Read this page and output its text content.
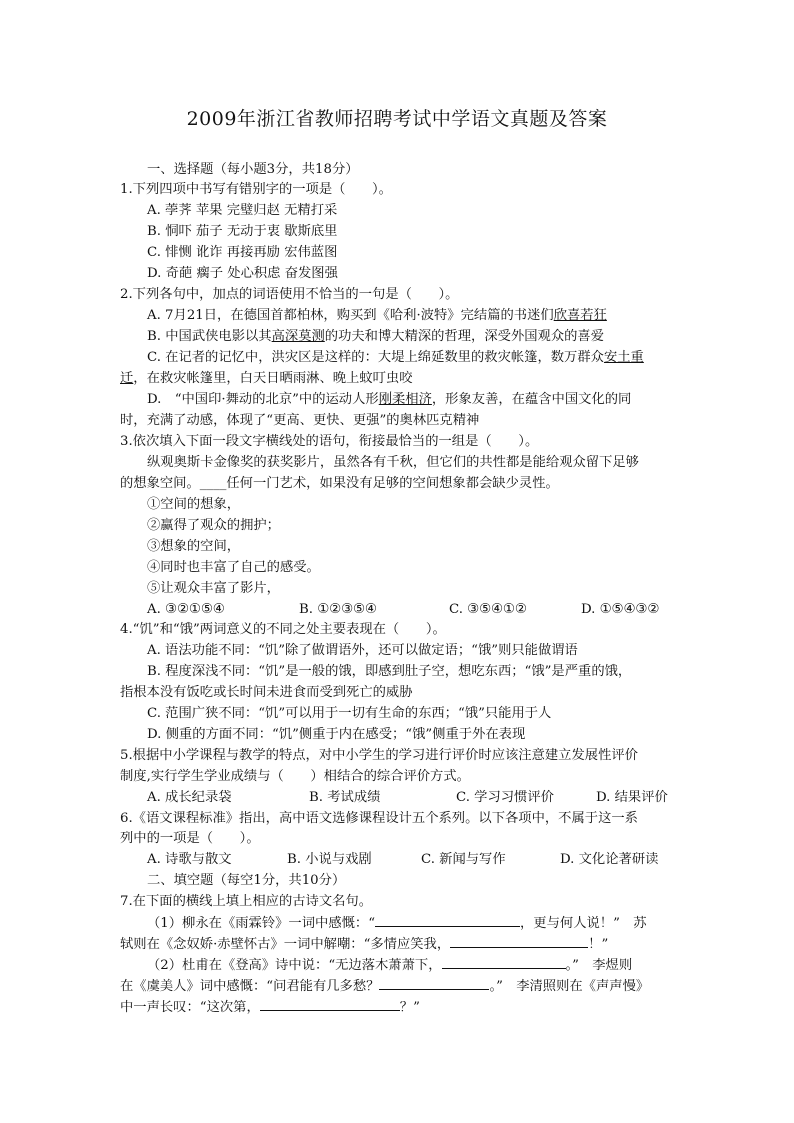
2009年浙江省教师招聘考试中学语文真题及答案
一、选择题（每小题3分，共18分）
1.下列四项中书写有错别字的一项是（　　）。
A. 荸荠 苹果 完璧归赵 无精打采
B. 恫吓 茄子 无动于衷 歇斯底里
C. 悱恻 讹诈 再接再励 宏伟蓝图
D. 奇葩 瘸子 处心积虑 奋发图强
2.下列各句中，加点的词语使用不恰当的一句是（　　）。
A. 7月21日，在德国首都柏林，购买到《哈利·波特》完结篇的书迷们欣喜若狂
B. 中国武侠电影以其高深莫测的功夫和博大精深的哲理，深受外国观众的喜爱
C. 在记者的记忆中，洪灾区是这样的：大堤上绵延数里的救灾帐篷，数万群众安土重
迁，在救灾帐篷里，白天日晒雨淋、晚上蚊叮虫咬
D.　“中国印·舞动的北京”中的运动人形刚柔相济，形象友善，在蕴含中国文化的同
时，充满了动感，体现了“更高、更快、更强”的奥林匹克精神
3.依次填入下面一段文字横线处的语句，衔接最恰当的一组是（　　）。
纵观奥斯卡金像奖的获奖影片，虽然各有千秋，但它们的共性都是能给观众留下足够
的想象空间。____任何一门艺术，如果没有足够的空间想象都会缺少灵性。
①空间的想象，
②赢得了观众的拥护；
③想象的空间，
④同时也丰富了自己的感受。
⑤让观众丰富了影片，
A. ③②①⑤④	B. ①②③⑤④	C. ③⑤④①②	D. ①⑤④③②
4.“饥”和“饿”两词意义的不同之处主要表现在（　　）。
A. 语法功能不同：“饥”除了做谓语外，还可以做定语；“饿”则只能做谓语
B. 程度深浅不同：“饥”是一般的饿，即感到肚子空，想吃东西；“饿”是严重的饿，
指根本没有饭吃或长时间未进食而受到死亡的威胁
C. 范围广狭不同：“饥”可以用于一切有生命的东西；“饿”只能用于人
D. 侧重的方面不同：“饥”侧重于内在感受；“饿”侧重于外在表现
5.根据中小学课程与教学的特点，对中小学生的学习进行评价时应该注意建立发展性评价
制度,实行学生学业成绩与（　　）相结合的综合评价方式。
A. 成长纪录袋	B. 考试成绩	C. 学习习惯评价	D. 结果评价
6.《语文课程标准》指出，高中语文选修课程设计五个系列。以下各项中，不属于这一系
列中的一项是（　　）。
A. 诗歌与散文	B. 小说与戏剧	C. 新闻与写作	D. 文化论著研读
二、填空题（每空1分，共10分）
7.在下面的横线上填上相应的古诗文名句。
（1）柳永在《雨霖铃》一词中感慨：“	，更与何人说！”　苏
轼则在《念奴娇·赤壁怀古》一词中解嘲：“多情应笑我，	！”
（2）杜甫在《登高》诗中说：“无边落木萧萧下，	。”　李煜则
在《虞美人》词中感慨：“问君能有几多愁？	。”　李清照则在《声声慢》
中一声长叹：“这次第，	？”
